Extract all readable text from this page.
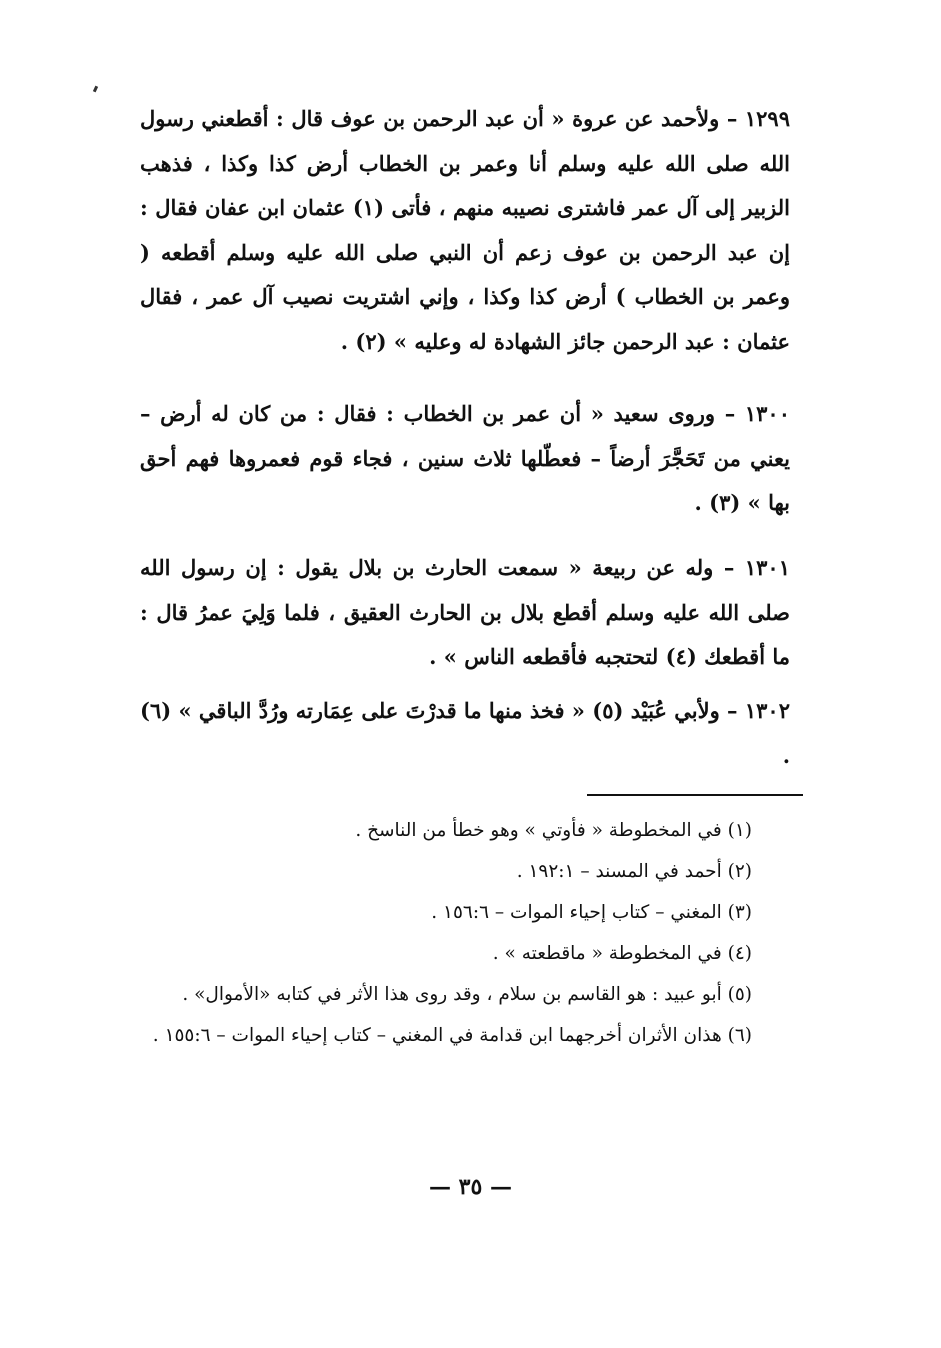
١٢٩٩ – ولأحمد عن عروة « أن عبد الرحمن بن عوف قال : أقطعني رسول الله صلى الله عليه وسلم أنا وعمر بن الخطاب أرض كذا وكذا ، فذهب الزبير إلى آل عمر فاشترى نصيبه منهم ، فأتى (١) عثمان ابن عفان فقال : إن عبد الرحمن بن عوف زعم أن النبي صلى الله عليه وسلم أقطعه ( وعمر بن الخطاب ) أرض كذا وكذا ، وإني اشتريت نصيب آل عمر ، فقال عثمان : عبد الرحمن جائز الشهادة له وعليه » (٢) .

١٣٠٠ – وروى سعيد « أن عمر بن الخطاب : فقال : من كان له أرض – يعني من تَحَجَّرَ أرضاً – فعطّلها ثلاث سنين ، فجاء قوم فعمروها فهم أحق بها » (٣) .

١٣٠١ – وله عن ربيعة « سمعت الحارث بن بلال يقول : إن رسول الله صلى الله عليه وسلم أقطع بلال بن الحارث العقيق ، فلما وَلِيَ عمرُ قال : ما أقطعك (٤) لتحتجبه فأقطعه الناس » .

١٣٠٢ – ولأبي عُبَيْد (٥) « فخذ منها ما قدرْتَ على عِمَارته ورُدَّ الباقي » (٦) .

(١) في المخطوطة « فأوتي » وهو خطأ من الناسخ .

(٢) أحمد في المسند – ١٩٢:١ .

(٣) المغني – كتاب إحياء الموات – ١٥٦:٦ .

(٤) في المخطوطة « ماقطعته » .

(٥) أبو عبيد : هو القاسم بن سلام ، وقد روى هذا الأثر في كتابه «الأموال» .

(٦) هذان الأثران أخرجهما ابن قدامة في المغني – كتاب إحياء الموات – ١٥٥:٦ .

— ٣٥ —
